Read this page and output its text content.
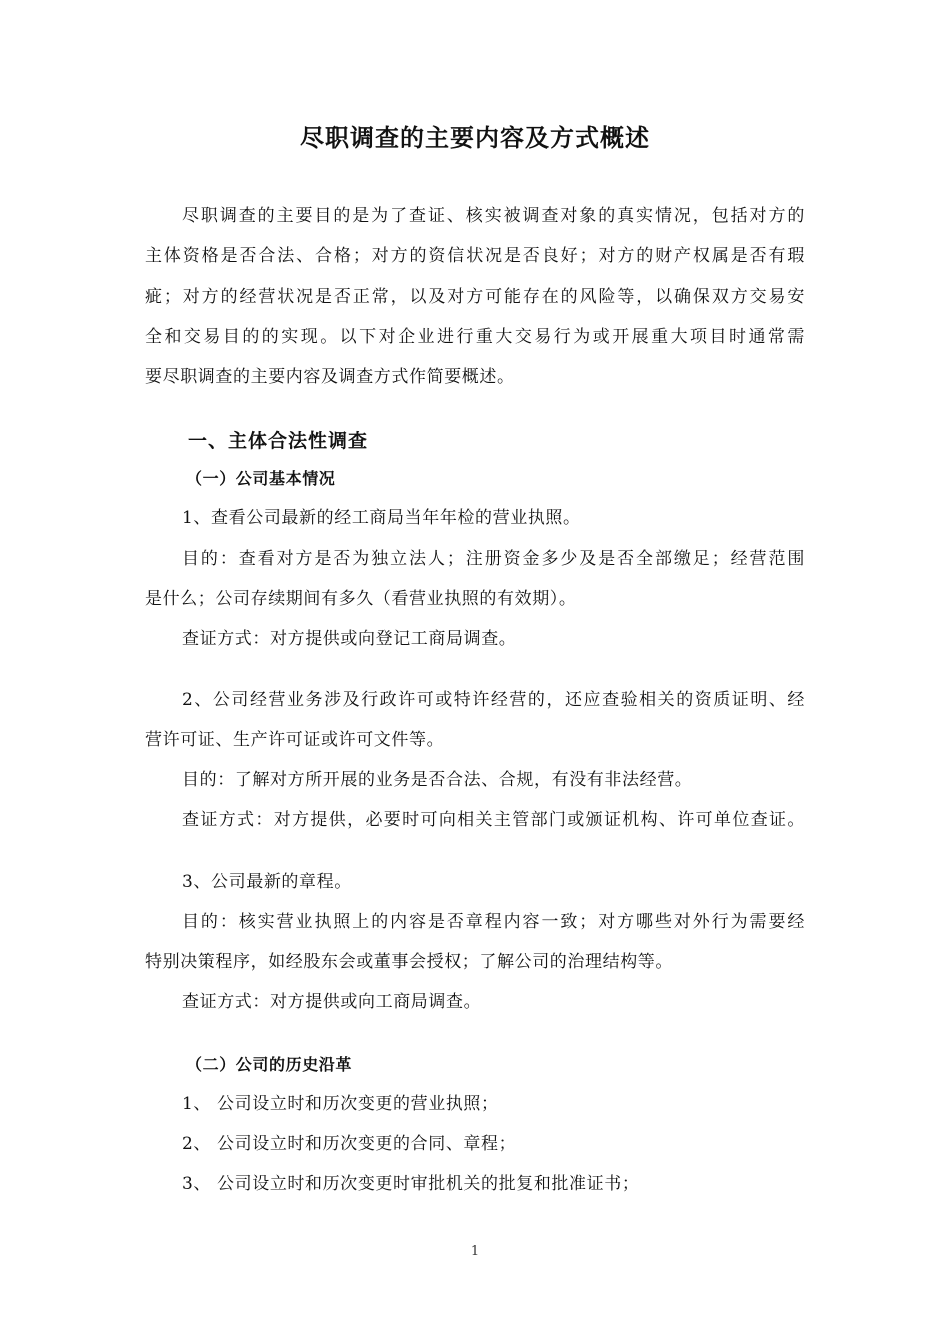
尽职调查的主要内容及方式概述
尽职调查的主要目的是为了查证、核实被调查对象的真实情况，包括对方的
主体资格是否合法、合格；对方的资信状况是否良好；对方的财产权属是否有瑕
疵；对方的经营状况是否正常，以及对方可能存在的风险等，以确保双方交易安
全和交易目的的实现。以下对企业进行重大交易行为或开展重大项目时通常需
要尽职调查的主要内容及调查方式作简要概述。
一、主体合法性调查
（一）公司基本情况
1、查看公司最新的经工商局当年年检的营业执照。
目的：查看对方是否为独立法人；注册资金多少及是否全部缴足；经营范围
是什么；公司存续期间有多久（看营业执照的有效期）。
查证方式：对方提供或向登记工商局调查。
2、公司经营业务涉及行政许可或特许经营的，还应查验相关的资质证明、经
营许可证、生产许可证或许可文件等。
目的：了解对方所开展的业务是否合法、合规，有没有非法经营。
查证方式：对方提供，必要时可向相关主管部门或颁证机构、许可单位查证。
3、公司最新的章程。
目的：核实营业执照上的内容是否章程内容一致；对方哪些对外行为需要经
特别决策程序，如经股东会或董事会授权；了解公司的治理结构等。
查证方式：对方提供或向工商局调查。
（二）公司的历史沿革
1、 公司设立时和历次变更的营业执照；
2、 公司设立时和历次变更的合同、章程；
3、 公司设立时和历次变更时审批机关的批复和批准证书；
1
